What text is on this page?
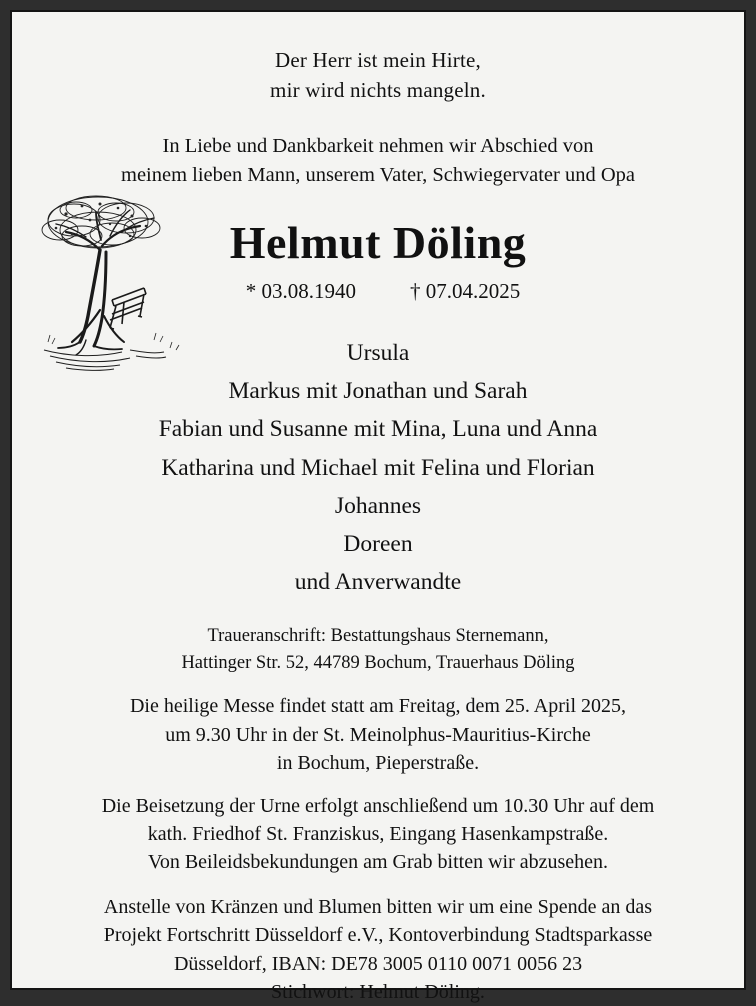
Der Herr ist mein Hirte,
mir wird nichts mangeln.
In Liebe und Dankbarkeit nehmen wir Abschied von
meinem lieben Mann, unserem Vater, Schwiegervater und Opa
Helmut Döling
* 03.08.1940	† 07.04.2025
Ursula
Markus mit Jonathan und Sarah
Fabian und Susanne mit Mina, Luna und Anna
Katharina und Michael mit Felina und Florian
Johannes
Doreen
und Anverwandte
Traueranschrift: Bestattungshaus Sternemann,
Hattinger Str. 52, 44789 Bochum, Trauerhaus Döling
Die heilige Messe findet statt am Freitag, dem 25. April 2025,
um 9.30 Uhr in der St. Meinolphus-Mauritius-Kirche
in Bochum, Pieperstraße.
Die Beisetzung der Urne erfolgt anschließend um 10.30 Uhr auf dem
kath. Friedhof St. Franziskus, Eingang Hasenkampstraße.
Von Beileidsbekundungen am Grab bitten wir abzusehen.
Anstelle von Kränzen und Blumen bitten wir um eine Spende an das
Projekt Fortschritt Düsseldorf e.V., Kontoverbindung Stadtsparkasse
Düsseldorf, IBAN: DE78 3005 0110 0071 0056 23
Stichwort: Helmut Döling.
